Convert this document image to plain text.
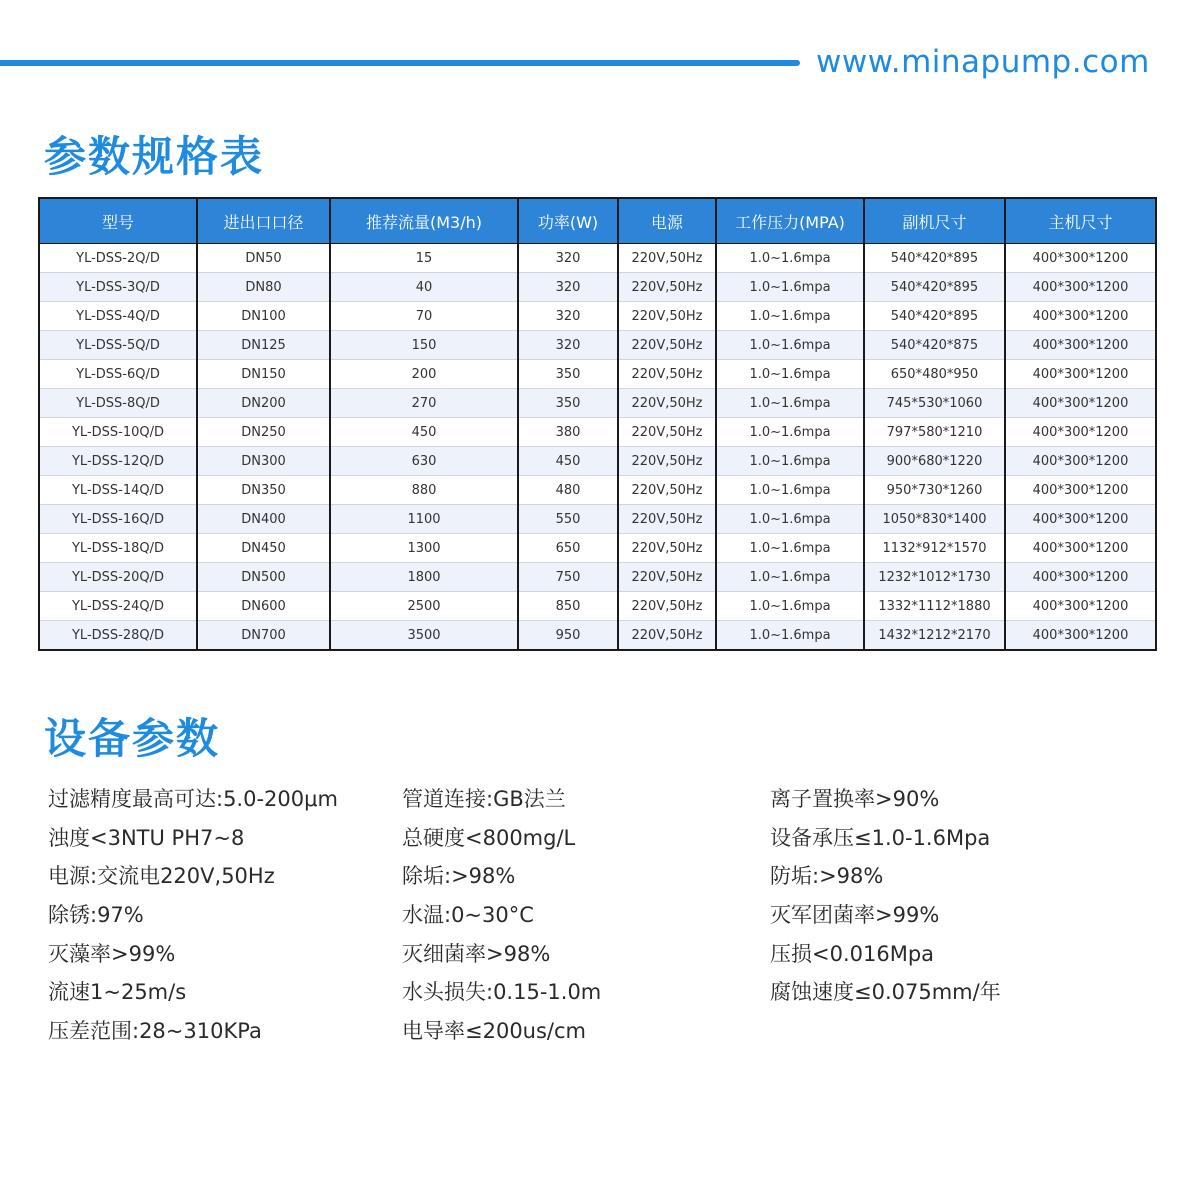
www.minapump.com
参数规格表
型号	进出口口径	推荐流量(M3/h)	功率(W)	电源	工作压力(MPA)	副机尺寸	主机尺寸
YL-DSS-2Q/D	DN50	15	320	220V,50Hz	1.0~1.6mpa	540*420*895	400*300*1200
YL-DSS-3Q/D	DN80	40	320	220V,50Hz	1.0~1.6mpa	540*420*895	400*300*1200
YL-DSS-4Q/D	DN100	70	320	220V,50Hz	1.0~1.6mpa	540*420*895	400*300*1200
YL-DSS-5Q/D	DN125	150	320	220V,50Hz	1.0~1.6mpa	540*420*875	400*300*1200
YL-DSS-6Q/D	DN150	200	350	220V,50Hz	1.0~1.6mpa	650*480*950	400*300*1200
YL-DSS-8Q/D	DN200	270	350	220V,50Hz	1.0~1.6mpa	745*530*1060	400*300*1200
YL-DSS-10Q/D	DN250	450	380	220V,50Hz	1.0~1.6mpa	797*580*1210	400*300*1200
YL-DSS-12Q/D	DN300	630	450	220V,50Hz	1.0~1.6mpa	900*680*1220	400*300*1200
YL-DSS-14Q/D	DN350	880	480	220V,50Hz	1.0~1.6mpa	950*730*1260	400*300*1200
YL-DSS-16Q/D	DN400	1100	550	220V,50Hz	1.0~1.6mpa	1050*830*1400	400*300*1200
YL-DSS-18Q/D	DN450	1300	650	220V,50Hz	1.0~1.6mpa	1132*912*1570	400*300*1200
YL-DSS-20Q/D	DN500	1800	750	220V,50Hz	1.0~1.6mpa	1232*1012*1730	400*300*1200
YL-DSS-24Q/D	DN600	2500	850	220V,50Hz	1.0~1.6mpa	1332*1112*1880	400*300*1200
YL-DSS-28Q/D	DN700	3500	950	220V,50Hz	1.0~1.6mpa	1432*1212*2170	400*300*1200
设备参数
过滤精度最高可达:5.0-200μm
浊度<3NTU PH7~8
电源:交流电220V,50Hz
除锈:97%
灭藻率>99%
流速1~25m/s
压差范围:28~310KPa
管道连接:GB法兰
总硬度<800mg/L
除垢:>98%
水温:0~30°C
灭细菌率>98%
水头损失:0.15-1.0m
电导率≤200us/cm
离子置换率>90%
设备承压≤1.0-1.6Mpa
防垢:>98%
灭军团菌率>99%
压损<0.016Mpa
腐蚀速度≤0.075mm/年
